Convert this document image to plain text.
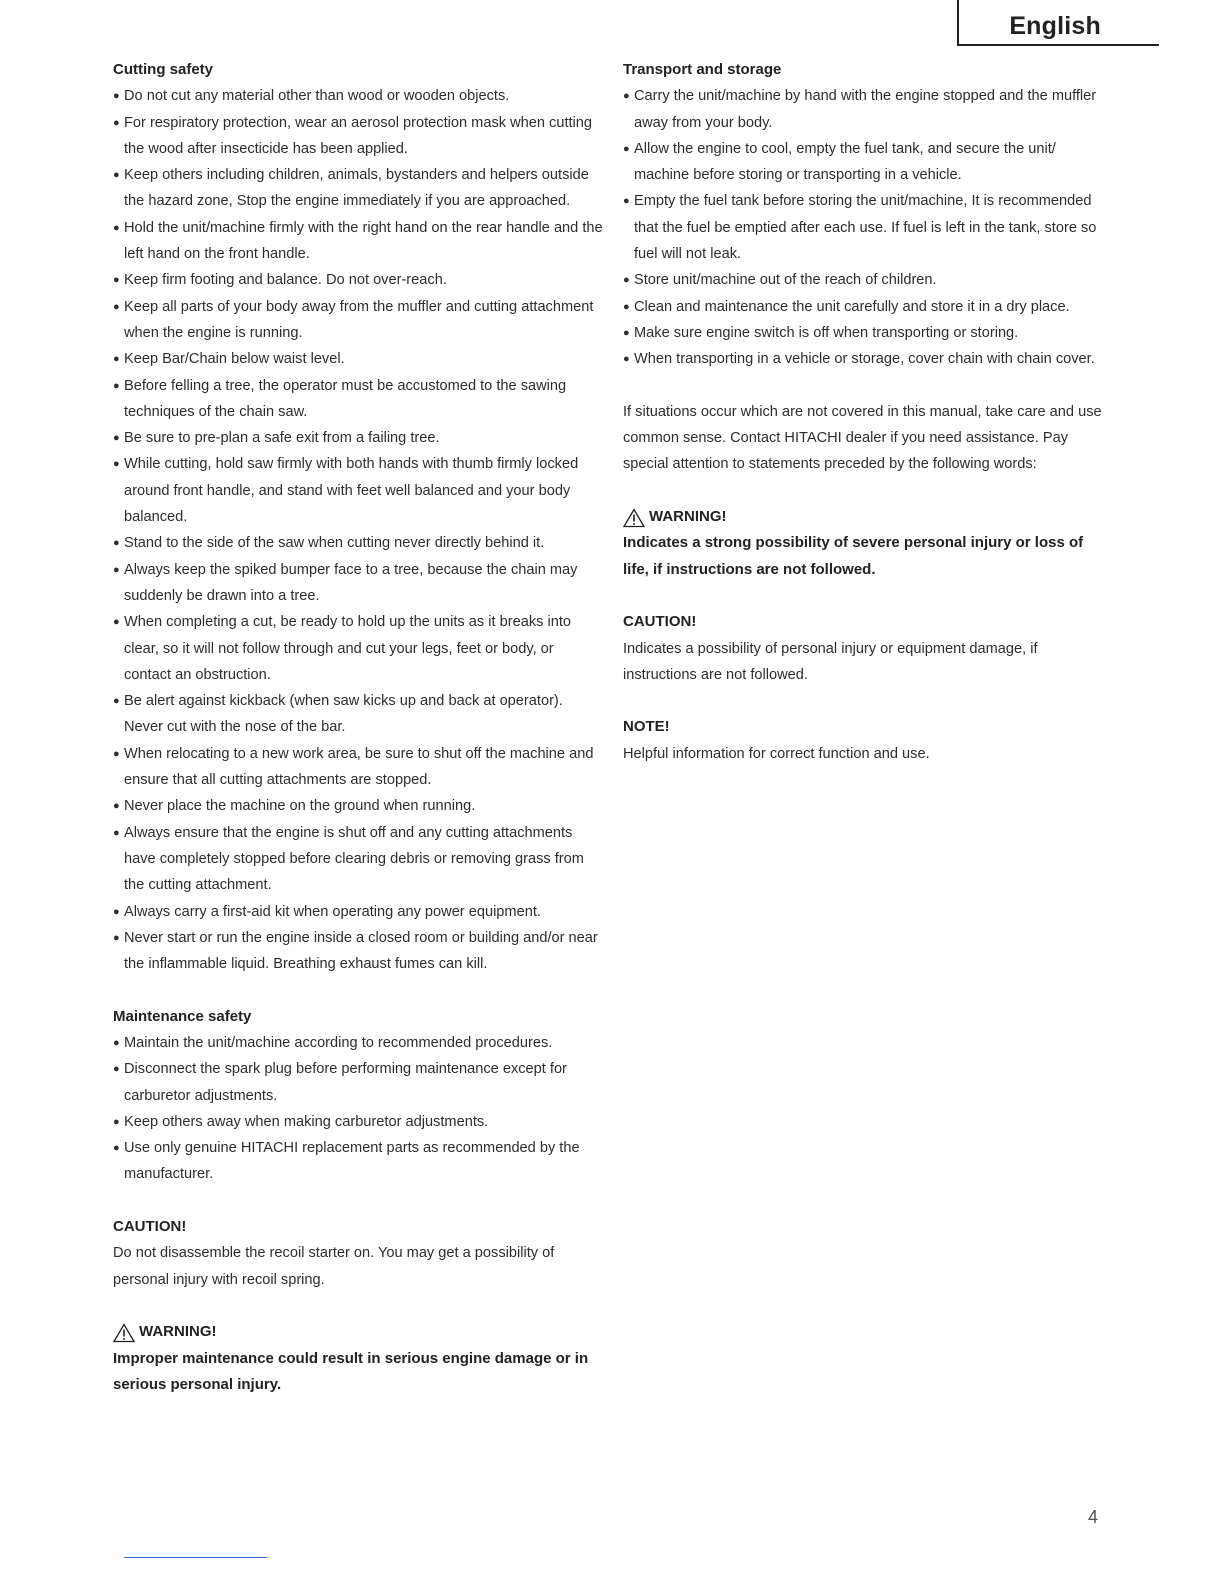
English
Cutting safety
● Do not cut any material other than wood or wooden objects.
● For respiratory protection, wear an aerosol protection mask when cutting the wood after insecticide has been applied.
● Keep others including children, animals, bystanders and helpers outside the hazard zone, Stop the engine immediately if you are approached.
● Hold the unit/machine firmly with the right hand on the rear handle and the left hand on the front handle.
● Keep firm footing and balance. Do not over-reach.
● Keep all parts of your body away from the muffler and cutting attachment when the engine is running.
● Keep Bar/Chain below waist level.
● Before felling a tree, the operator must be accustomed to the sawing techniques of the chain saw.
● Be sure to pre-plan a safe exit from a failing tree.
● While cutting, hold saw firmly with both hands with thumb firmly locked around front handle, and stand with feet well balanced and your body balanced.
● Stand to the side of the saw when cutting never directly behind it.
● Always keep the spiked bumper face to a tree, because the chain may suddenly be drawn into a tree.
● When completing a cut, be ready to hold up the units as it breaks into clear, so it will not follow through and cut your legs, feet or body, or contact an obstruction.
● Be alert against kickback (when saw kicks up and back at operator). Never cut with the nose of the bar.
● When relocating to a new work area, be sure to shut off the machine and ensure that all cutting attachments are stopped.
● Never place the machine on the ground when running.
● Always ensure that the engine is shut off and any cutting attachments have completely stopped before clearing debris or removing grass from the cutting attachment.
● Always carry a first-aid kit when operating any power equipment.
● Never start or run the engine inside a closed room or building and/or near the inflammable liquid. Breathing exhaust fumes can kill.
Maintenance safety
● Maintain the unit/machine according to recommended procedures.
● Disconnect the spark plug before performing maintenance except for carburetor adjustments.
● Keep others away when making carburetor adjustments.
● Use only genuine HITACHI replacement parts as recommended by the manufacturer.
CAUTION!

Do not disassemble the recoil starter on. You may get a possibility of personal injury with recoil spring.

WARNING!

Improper maintenance could result in serious engine damage or in serious personal injury.

Transport and storage
● Carry the unit/machine by hand with the engine stopped and the muffler away from your body.
● Allow the engine to cool, empty the fuel tank, and secure the unit/ machine before storing or transporting in a vehicle.
● Empty the fuel tank before storing the unit/machine, It is recommended that the fuel be emptied after each use. If fuel is left in the tank, store so fuel will not leak.
● Store unit/machine out of the reach of children.
● Clean and maintenance the unit carefully and store it in a dry place.
● Make sure engine switch is off when transporting or storing.
● When transporting in a vehicle or storage, cover chain with chain cover.

If situations occur which are not covered in this manual, take care and use common sense. Contact HITACHI dealer if you need assistance. Pay special attention to statements preceded by the following words:

WARNING!

Indicates a strong possibility of severe personal injury or loss of life, if instructions are not followed.

CAUTION!

Indicates a possibility of personal injury or equipment damage, if instructions are not followed.

NOTE!

Helpful information for correct function and use.

4
